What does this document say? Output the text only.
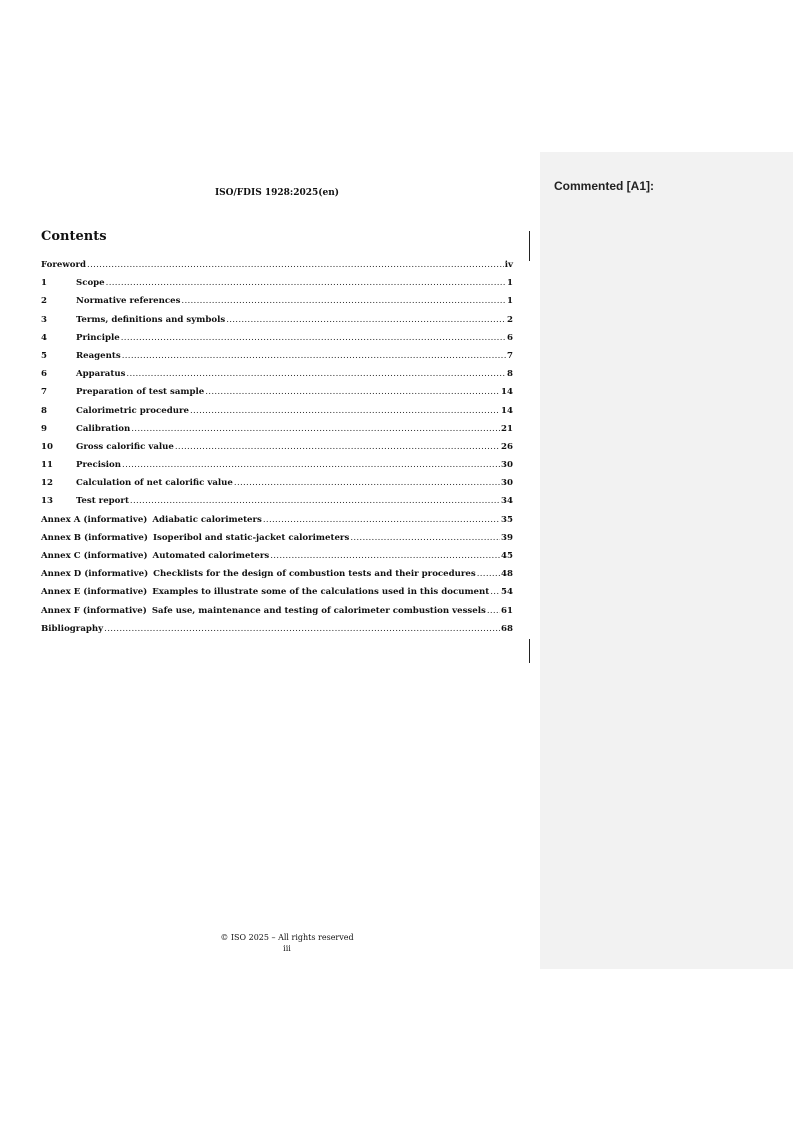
Commented [A1]:
ISO/FDIS 1928:2025(en)
Contents
Foreword .....	iv
1	Scope .....	1
2	Normative references .....	1
3	Terms, definitions and symbols .....	2
4	Principle .....	6
5	Reagents .....	7
6	Apparatus .....	8
7	Preparation of test sample .....	14
8	Calorimetric procedure .....	14
9	Calibration .....	21
10	Gross calorific value .....	26
11	Precision .....	30
12	Calculation of net calorific value .....	30
13	Test report .....	34
Annex A (informative) Adiabatic calorimeters .....	35
Annex B (informative) Isoperibol and static-jacket calorimeters .....	39
Annex C (informative) Automated calorimeters .....	45
Annex D (informative) Checklists for the design of combustion tests and their procedures .....	48
Annex E (informative) Examples to illustrate some of the calculations used in this document ..... 54
Annex F (informative) Safe use, maintenance and testing of calorimeter combustion vessels ..... 61
Bibliography .....	68
© ISO 2025 – All rights reserved
iii
